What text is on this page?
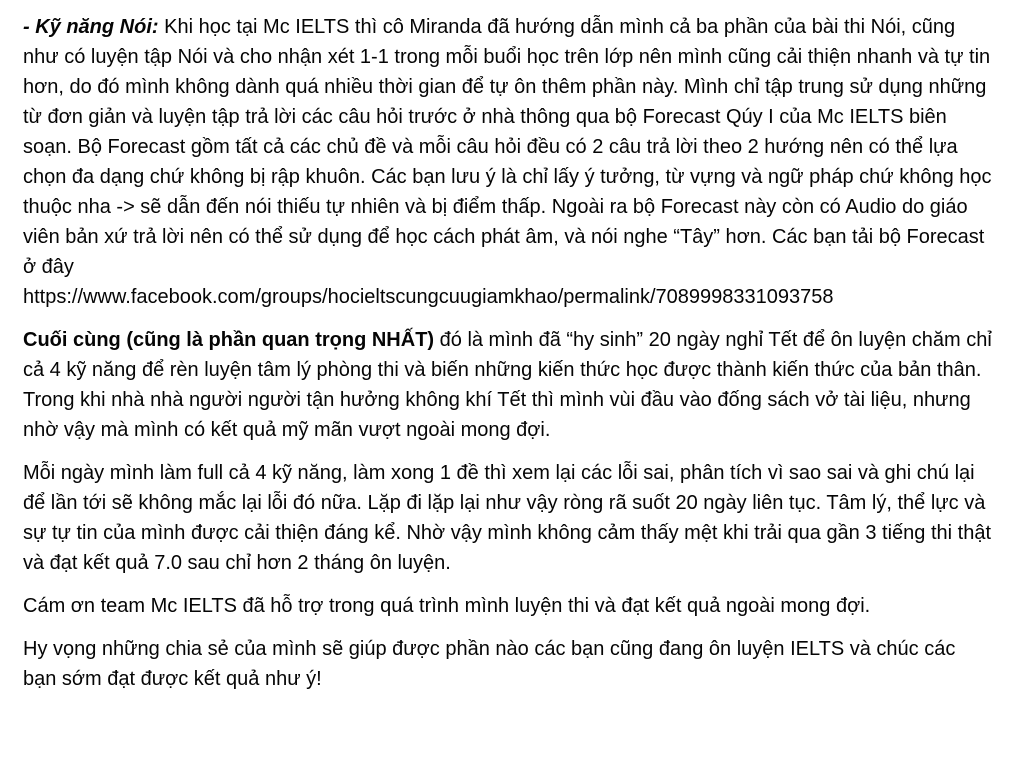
- Kỹ năng Nói: Khi học tại Mc IELTS thì cô Miranda đã hướng dẫn mình cả ba phần của bài thi Nói, cũng như có luyện tập Nói và cho nhận xét 1-1 trong mỗi buổi học trên lớp nên mình cũng cải thiện nhanh và tự tin hơn, do đó mình không dành quá nhiều thời gian để tự ôn thêm phần này. Mình chỉ tập trung sử dụng những từ đơn giản và luyện tập trả lời các câu hỏi trước ở nhà thông qua bộ Forecast Qúy I của Mc IELTS biên soạn. Bộ Forecast gồm tất cả các chủ đề và mỗi câu hỏi đều có 2 câu trả lời theo 2 hướng nên có thể lựa chọn đa dạng chứ không bị rập khuôn. Các bạn lưu ý là chỉ lấy ý tưởng, từ vựng và ngữ pháp chứ không học thuộc nha -> sẽ dẫn đến nói thiếu tự nhiên và bị điểm thấp. Ngoài ra bộ Forecast này còn có Audio do giáo viên bản xứ trả lời nên có thể sử dụng để học cách phát âm, và nói nghe “Tây” hơn. Các bạn tải bộ Forecast ở đây
https://www.facebook.com/groups/hocieltscungcuugiamkhao/permalink/7089998331093758

Cuối cùng (cũng là phần quan trọng NHẤT) đó là mình đã “hy sinh” 20 ngày nghỉ Tết để ôn luyện chăm chỉ cả 4 kỹ năng để rèn luyện tâm lý phòng thi và biến những kiến thức học được thành kiến thức của bản thân. Trong khi nhà nhà người người tận hưởng không khí Tết thì mình vùi đầu vào đống sách vở tài liệu, nhưng nhờ vậy mà mình có kết quả mỹ mãn vượt ngoài mong đợi.

Mỗi ngày mình làm full cả 4 kỹ năng, làm xong 1 đề thì xem lại các lỗi sai, phân tích vì sao sai và ghi chú lại để lần tới sẽ không mắc lại lỗi đó nữa. Lặp đi lặp lại như vậy ròng rã suốt 20 ngày liên tục. Tâm lý, thể lực và sự tự tin của mình được cải thiện đáng kể. Nhờ vậy mình không cảm thấy mệt khi trải qua gần 3 tiếng thi thật và đạt kết quả 7.0 sau chỉ hơn 2 tháng ôn luyện.

Cám ơn team Mc IELTS đã hỗ trợ trong quá trình mình luyện thi và đạt kết quả ngoài mong đợi.

Hy vọng những chia sẻ của mình sẽ giúp được phần nào các bạn cũng đang ôn luyện IELTS và chúc các bạn sớm đạt được kết quả như ý!
